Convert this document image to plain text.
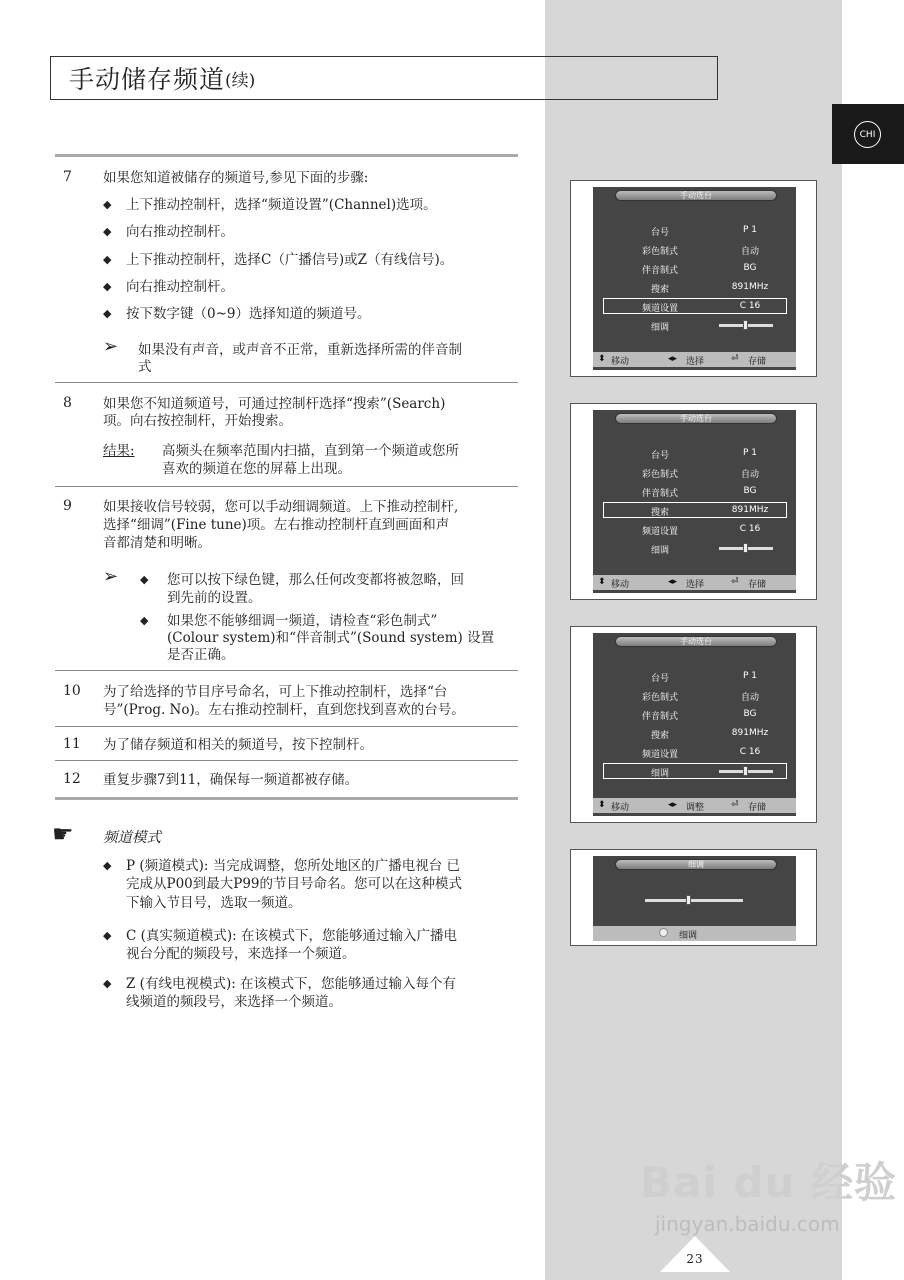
CHI
手动储存频道 (续)
7 如果您知道被储存的频道号,参见下面的步骤:
◆ 上下推动控制杆，选择“频道设置”(Channel)选项。
◆ 向右推动控制杆。
◆ 上下推动控制杆，选择C（广播信号)或Z（有线信号)。
◆ 向右推动控制杆。
◆ 按下数字键（0~9）选择知道的频道号。
➢ 如果没有声音，或声音不正常，重新选择所需的伴音制
式
8 如果您不知道频道号，可通过控制杆选择“搜索”(Search)
项。向右按控制杆，开始搜索。
结果: 高频头在频率范围内扫描，直到第一个频道或您所
喜欢的频道在您的屏幕上出现。
9 如果接收信号较弱，您可以手动细调频道。上下推动控制杆,
选择“细调”(Fine tune)项。左右推动控制杆直到画面和声
音都清楚和明晰。
➢ ◆ 您可以按下绿色键，那么任何改变都将被忽略，回
到先前的设置。
◆ 如果您不能够细调一频道，请检查“彩色制式”
(Colour system)和“伴音制式”(Sound system) 设置
是否正确。
10 为了给选择的节目序号命名，可上下推动控制杆，选择“台
号”(Prog. No)。左右推动控制杆，直到您找到喜欢的台号。
11 为了储存频道和相关的频道号，按下控制杆。
12 重复步骤7到11，确保每一频道都被存储。
☛ 频道模式
◆ P (频道模式): 当完成调整，您所处地区的广播电视台 已
完成从P00到最大P99的节目号命名。您可以在这种模式
下输入节目号，选取一频道。
◆ C (真实频道模式): 在该模式下，您能够通过输入广播电
视台分配的频段号，来选择一个频道。
◆ Z (有线电视模式): 在该模式下，您能够通过输入每个有
线频道的频段号，来选择一个频道。
手动选台
台号	P 1
彩色制式	自动
伴音制式	BG
搜索	891MHz
频道设置	C 16
细调
⬍ 移动	◂▸ 选择	⏎ 存储
手动选台
台号	P 1
彩色制式	自动
伴音制式	BG
搜索	891MHz
频道设置	C 16
细调
⬍ 移动	◂▸ 选择	⏎ 存储
手动选台
台号	P 1
彩色制式	自动
伴音制式	BG
搜索	891MHz
频道设置	C 16
细调
⬍ 移动	◂▸ 调整	⏎ 存储
细调
细调
Bai du 经验
jingyan.baidu.com
23
